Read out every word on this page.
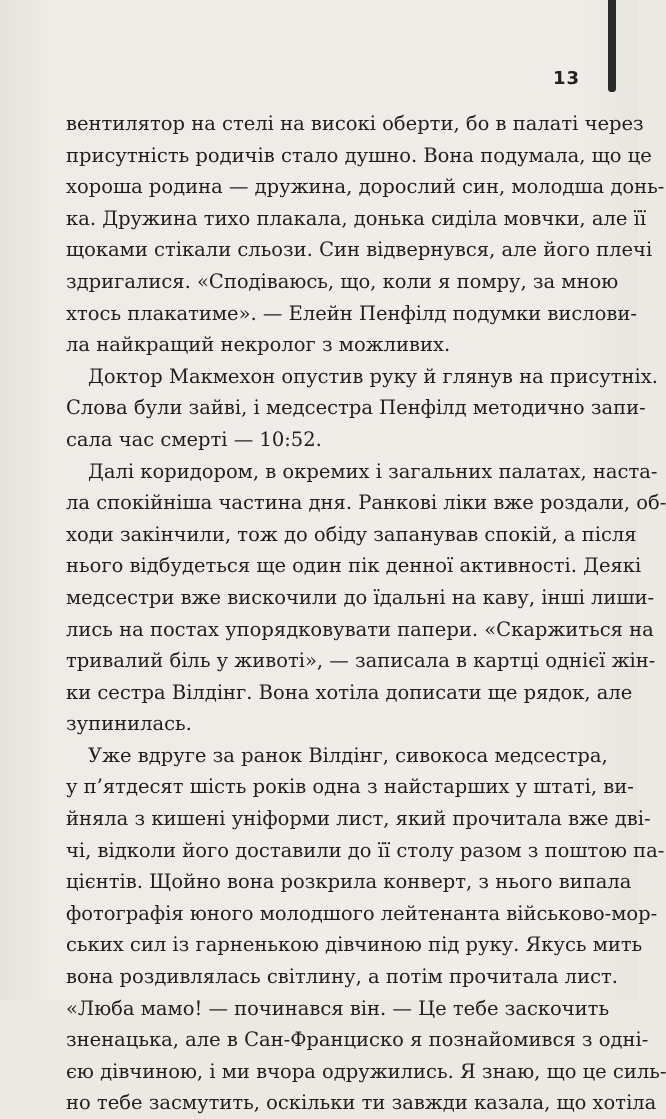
13
вентилятор на стелі на високі оберти, бо в палаті через
присутність родичів стало душно. Вона подумала, що це
хороша родина — дружина, дорослий син, молодша донь-
ка. Дружина тихо плакала, донька сиділа мовчки, але її
щоками стікали сльози. Син відвернувся, але його плечі
здригалися. «Сподіваюсь, що, коли я помру, за мною
хтось плакатиме». — Елейн Пенфілд подумки вислови-
ла найкращий некролог з можливих.
Доктор Макмехон опустив руку й глянув на присутніх.
Слова були зайві, і медсестра Пенфілд методично запи-
сала час смерті — 10:52.
Далі коридором, в окремих і загальних палатах, наста-
ла спокійніша частина дня. Ранкові ліки вже роздали, об-
ходи закінчили, тож до обіду запанував спокій, а після
нього відбудеться ще один пік денної активності. Деякі
медсестри вже вискочили до їдальні на каву, інші лиши-
лись на постах упорядковувати папери. «Скаржиться на
тривалий біль у животі», — записала в картці однієї жін-
ки сестра Вілдінг. Вона хотіла дописати ще рядок, але
зупинилась.
Уже вдруге за ранок Вілдінг, сивокоса медсестра,
у п’ятдесят шість років одна з найстарших у штаті, ви-
йняла з кишені уніформи лист, який прочитала вже дві-
чі, відколи його доставили до її столу разом з поштою па-
цієнтів. Щойно вона розкрила конверт, з нього випала
фотографія юного молодшого лейтенанта військово-мор-
ських сил із гарненькою дівчиною під руку. Якусь мить
вона роздивлялась світлину, а потім прочитала лист.
«Люба мамо! — починався він. — Це тебе заскочить
зненацька, але в Сан-Франциско я познайомився з одні-
єю дівчиною, і ми вчора одружились. Я знаю, що це силь-
но тебе засмутить, оскільки ти завжди казала, що хотіла
